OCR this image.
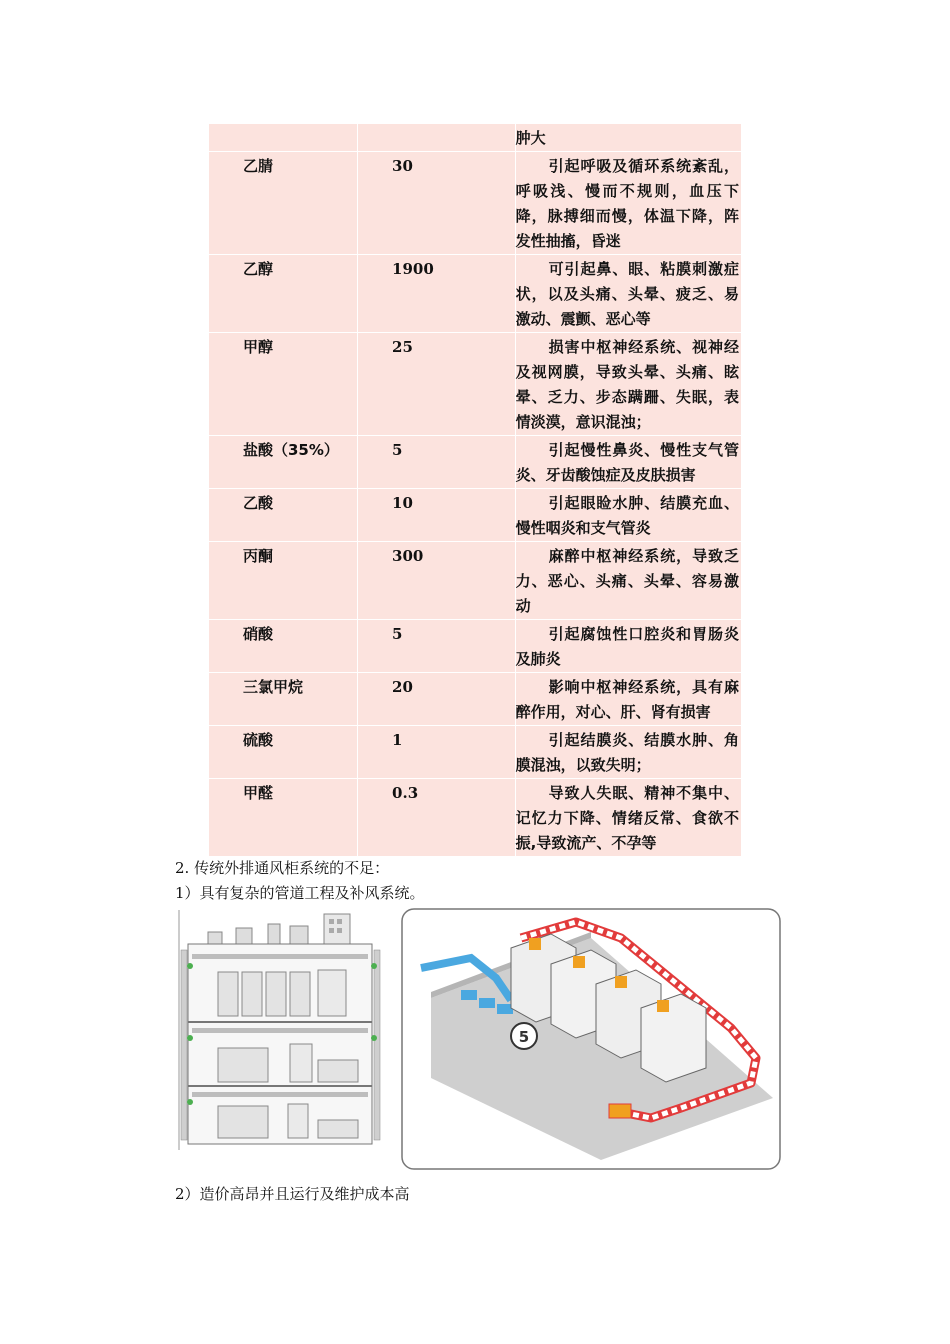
		肿大
乙腈	30	引起呼吸及循环系统紊乱，呼吸浅、慢而不规则，血压下降，脉搏细而慢，体温下降，阵发性抽搐，昏迷
乙醇	1900	可引起鼻、眼、粘膜刺激症状，以及头痛、头晕、疲乏、易激动、震颤、恶心等
甲醇	25	损害中枢神经系统、视神经及视网膜，导致头晕、头痛、眩晕、乏力、步态蹒跚、失眠，表情淡漠，意识混浊；
盐酸（35%）	5	引起慢性鼻炎、慢性支气管炎、牙齿酸蚀症及皮肤损害
乙酸	10	引起眼睑水肿、结膜充血、慢性咽炎和支气管炎
丙酮	300	麻醉中枢神经系统，导致乏力、恶心、头痛、头晕、容易激动
硝酸	5	引起腐蚀性口腔炎和胃肠炎及肺炎
三氯甲烷	20	影响中枢神经系统，具有麻醉作用，对心、肝、肾有损害
硫酸	1	引起结膜炎、结膜水肿、角膜混浊，以致失明；
甲醛	0.3	导致人失眠、精神不集中、记忆力下降、情绪反常、食欲不振,导致流产、不孕等
2. 传统外排通风柜系统的不足：
1）具有复杂的管道工程及补风系统。
5
2）造价高昂并且运行及维护成本高
